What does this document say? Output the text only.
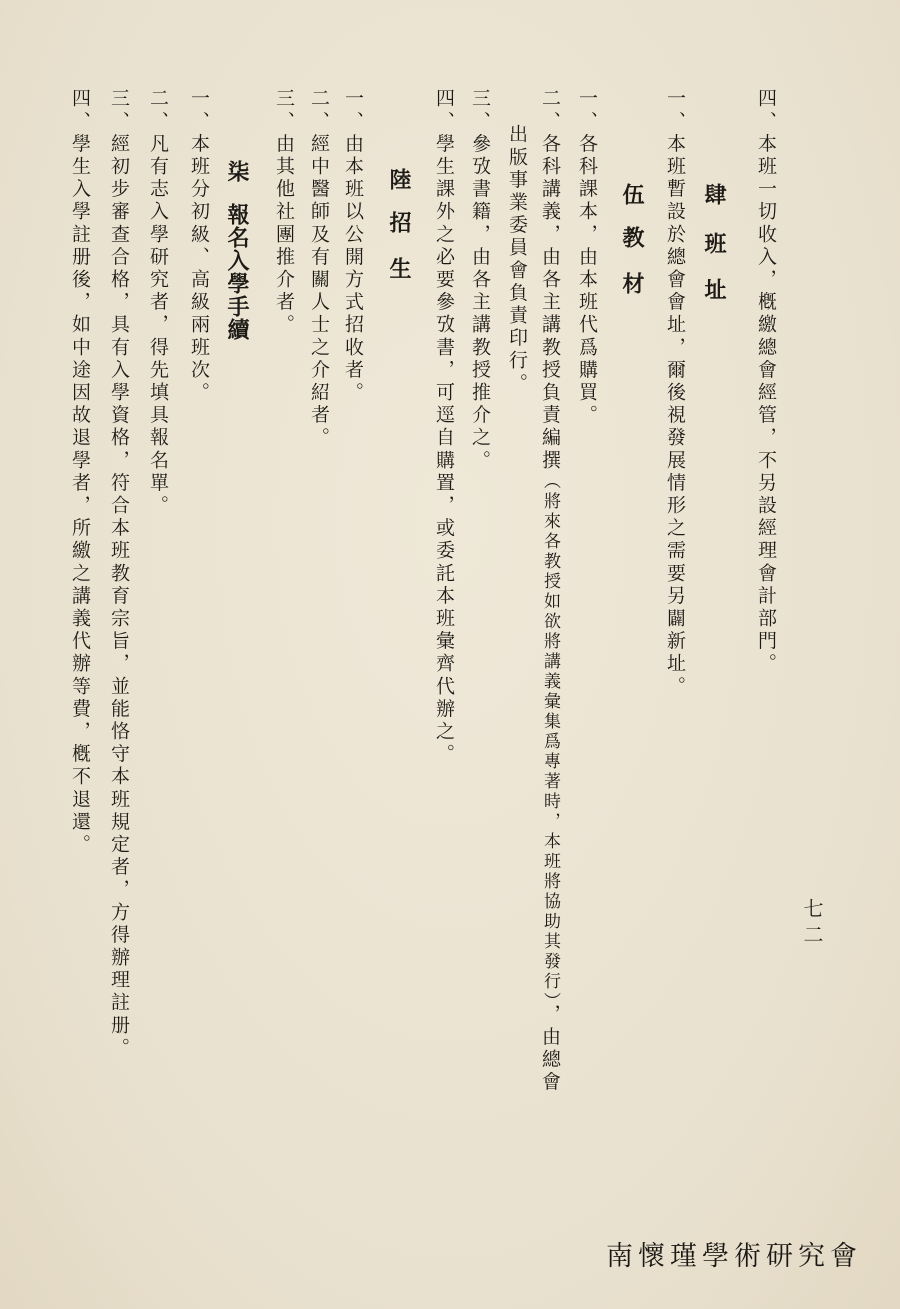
四、本班一切收入，槪繳總會經管，不另設經理會計部門。
肆班　址
一、本班暫設於總會會址，爾後視發展情形之需要另闢新址。
伍教　材
一、各科課本，由本班代爲購買。
二、各科講義，由各主講教授負責編撰（將來各教授如欲將講義彙集爲專著時，本班將協助其發行），由總會
出版事業委員會負責印行。
三、參攷書籍，由各主講教授推介之。
四、學生課外之必要參攷書，可逕自購置，或委託本班彙齊代辦之。
陸招　生
一、由本班以公開方式招收者。
二、經中醫師及有關人士之介紹者。
三、由其他社團推介者。
柒報名入學手續
一、本班分初級、高級兩班次。
二、凡有志入學研究者，得先填具報名單。
三、經初步審查合格，具有入學資格，符合本班教育宗旨，並能恪守本班規定者，方得辦理註册。
四、學生入學註册後，如中途因故退學者，所繳之講義代辦等費，槪不退還。
七二
南懷瑾學術研究會
